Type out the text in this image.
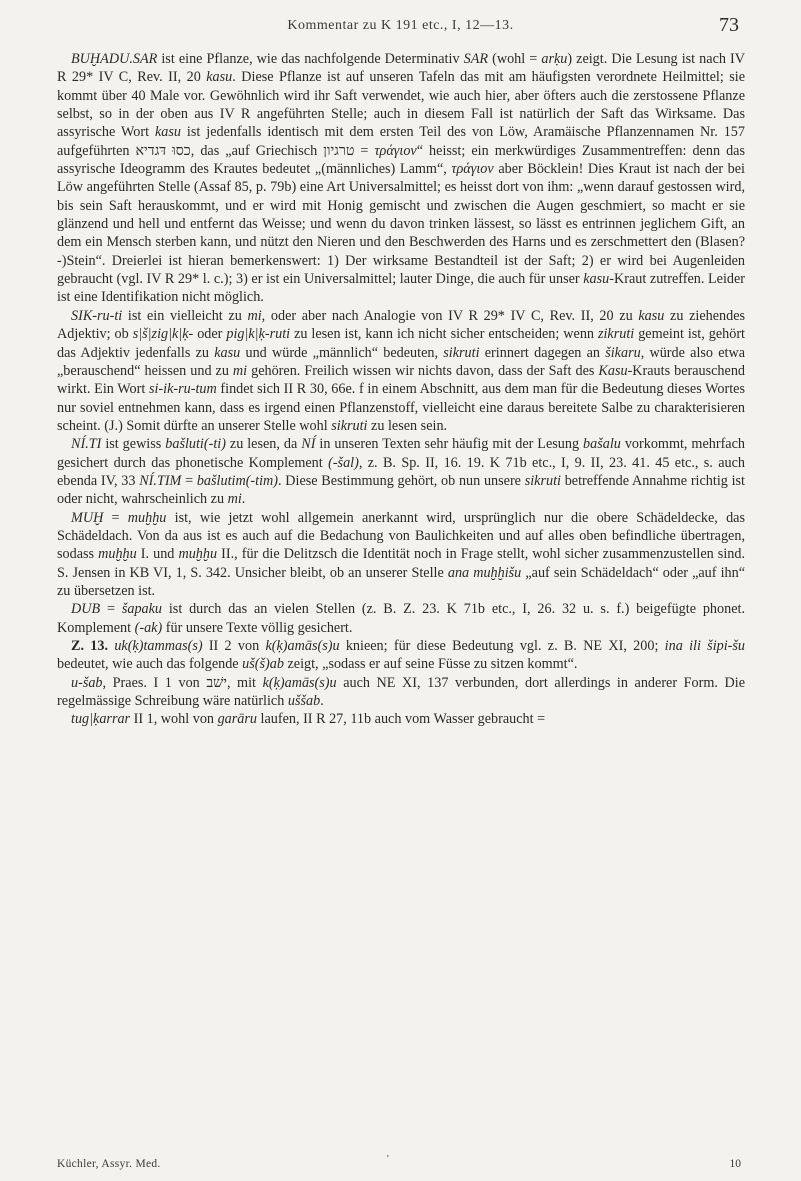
Kommentar zu K 191 etc., I, 12—13.	73

BUḪADU.SAR ist eine Pflanze, wie das nachfolgende Determinativ SAR (wohl = arḳu) zeigt. Die Lesung ist nach IV R 29* IV C, Rev. II, 20 kasu. Diese Pflanze ist auf unseren Tafeln das mit am häufigsten verordnete Heilmittel; sie kommt über 40 Male vor. Gewöhnlich wird ihr Saft verwendet, wie auch hier, aber öfters auch die zerstossene Pflanze selbst, so in der oben aus IV R angeführten Stelle; auch in diesem Fall ist natürlich der Saft das Wirksame. Das assyrische Wort kasu ist jedenfalls identisch mit dem ersten Teil des von Löw, Aramäische Pflanzennamen Nr. 157 aufgeführten כסוּ דּגדיא, das „auf Griechisch טרגיון = τράγιον“ heisst; ein merkwürdiges Zusammentreffen: denn das assyrische Ideogramm des Krautes bedeutet „(männliches) Lamm“, τράγιον aber Böcklein! Dies Kraut ist nach der bei Löw angeführten Stelle (Assaf 85, p. 79b) eine Art Universalmittel; es heisst dort von ihm: „wenn darauf gestossen wird, bis sein Saft herauskommt, und er wird mit Honig gemischt und zwischen die Augen geschmiert, so macht er sie glänzend und hell und entfernt das Weisse; und wenn du davon trinken lässest, so lässt es entrinnen jeglichem Gift, an dem ein Mensch sterben kann, und nützt den Nieren und den Beschwerden des Harns und es zerschmettert den (Blasen?-)Stein“. Dreierlei ist hieran bemerkenswert: 1) Der wirksame Bestandteil ist der Saft; 2) er wird bei Augenleiden gebraucht (vgl. IV R 29* l. c.); 3) er ist ein Universalmittel; lauter Dinge, die auch für unser kasu-Kraut zutreffen. Leider ist eine Identifikation nicht möglich.

SIK-ru-ti ist ein vielleicht zu mi, oder aber nach Analogie von IV R 29* IV C, Rev. II, 20 zu kasu zu ziehendes Adjektiv; ob s|š|zig|k|ḳ- oder pig|k|ḳ-ruti zu lesen ist, kann ich nicht sicher entscheiden; wenn zikruti gemeint ist, gehört das Adjektiv jedenfalls zu kasu und würde „männlich“ bedeuten, sikruti erinnert dagegen an šikaru, würde also etwa „berauschend“ heissen und zu mi gehören. Freilich wissen wir nichts davon, dass der Saft des Kasu-Krauts berauschend wirkt. Ein Wort si-ik-ru-tum findet sich II R 30, 66e. f in einem Abschnitt, aus dem man für die Bedeutung dieses Wortes nur soviel entnehmen kann, dass es irgend einen Pflanzenstoff, vielleicht eine daraus bereitete Salbe zu charakterisieren scheint. (J.) Somit dürfte an unserer Stelle wohl sikruti zu lesen sein.

NÍ.TI ist gewiss bašluti(-ti) zu lesen, da NÍ in unseren Texten sehr häufig mit der Lesung bašalu vorkommt, mehrfach gesichert durch das phonetische Komplement (-šal), z. B. Sp. II, 16. 19. K 71b etc., I, 9. II, 23. 41. 45 etc., s. auch ebenda IV, 33 NÍ.TIM = bašlutim(-tim). Diese Bestimmung gehört, ob nun unsere sikruti betreffende Annahme richtig ist oder nicht, wahrscheinlich zu mi.

MUḪ = muḫḫu ist, wie jetzt wohl allgemein anerkannt wird, ursprünglich nur die obere Schädeldecke, das Schädeldach. Von da aus ist es auch auf die Bedachung von Baulichkeiten und auf alles oben befindliche übertragen, sodass muḫḫu I. und muḫḫu II., für die Delitzsch die Identität noch in Frage stellt, wohl sicher zusammenzustellen sind. S. Jensen in KB VI, 1, S. 342. Unsicher bleibt, ob an unserer Stelle ana muḫḫišu „auf sein Schädeldach“ oder „auf ihn“ zu übersetzen ist.

DUB = šapaku ist durch das an vielen Stellen (z. B. Z. 23. K 71b etc., I, 26. 32 u. s. f.) beigefügte phonet. Komplement (-ak) für unsere Texte völlig gesichert.

Z. 13. uk(ḳ)tammas(s) II 2 von k(ḳ)amās(s)u knieen; für diese Bedeutung vgl. z. B. NE XI, 200; ina ili šipi-šu bedeutet, wie auch das folgende uš(š)ab zeigt, „sodass er auf seine Füsse zu sitzen kommt“.

u-šab, Praes. I 1 von ישׁב, mit k(ḳ)amās(s)u auch NE XI, 137 verbunden, dort allerdings in anderer Form. Die regelmässige Schreibung wäre natürlich uššab.

tug|ḳarrar II 1, wohl von garāru laufen, II R 27, 11b auch vom Wasser gebraucht =

Küchler, Assyr. Med.	'	10
